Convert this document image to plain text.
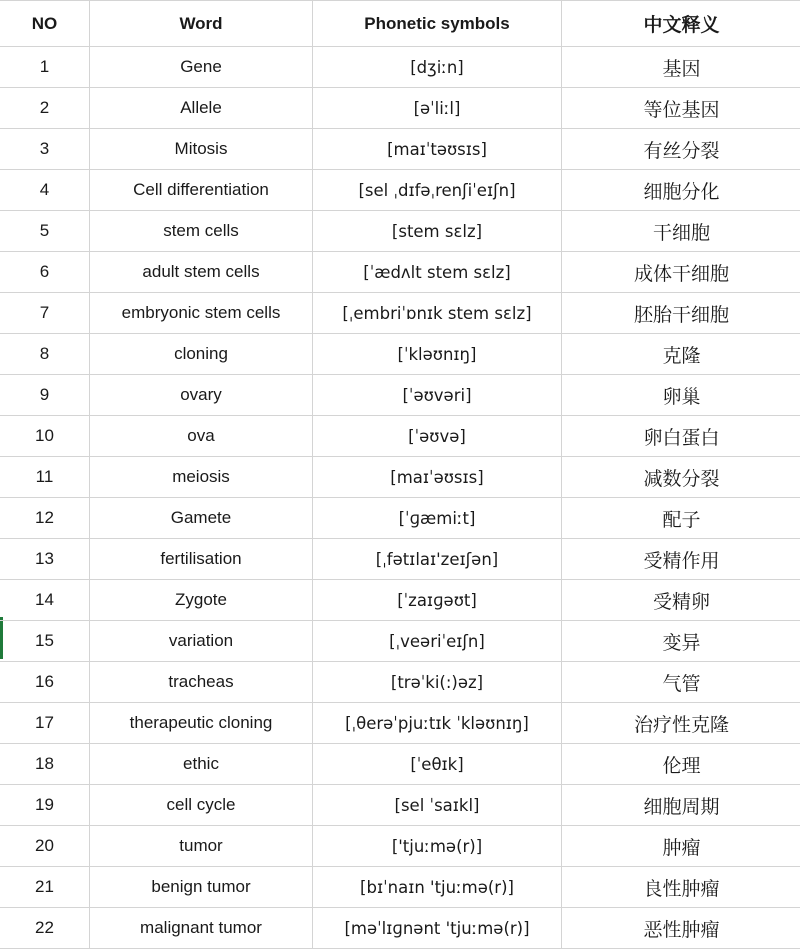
NO	Word	Phonetic symbols	中文释义
1	Gene	[dʒiːn]	基因
2	Allele	[əˈliːl]	等位基因
3	Mitosis	[maɪˈtəʊsɪs]	有丝分裂
4	Cell differentiation	[sel ˌdɪfəˌrenʃiˈeɪʃn]	细胞分化
5	stem cells	[stem sɛlz]	干细胞
6	adult stem cells	[ˈædʌlt stem sɛlz]	成体干细胞
7	embryonic stem cells	[ˌembriˈɒnɪk stem sɛlz]	胚胎干细胞
8	cloning	[ˈkləʊnɪŋ]	克隆
9	ovary	[ˈəʊvəri]	卵巢
10	ova	[ˈəʊvə]	卵白蛋白
11	meiosis	[maɪˈəʊsɪs]	减数分裂
12	Gamete	[ˈɡæmiːt]	配子
13	fertilisation	[ˌfətɪlaɪ'zeɪʃən]	受精作用
14	Zygote	[ˈzaɪɡəʊt]	受精卵
15	variation	[ˌveəriˈeɪʃn]	变异
16	tracheas	[trəˈki(:)əz]	气管
17	therapeutic cloning	[ˌθerəˈpjuːtɪk ˈkləʊnɪŋ]	治疗性克隆
18	ethic	[ˈeθɪk]	伦理
19	cell cycle	[sel ˈsaɪkl]	细胞周期
20	tumor	['tjuːmə(r)]	肿瘤
21	benign tumor	[bɪˈnaɪn 'tjuːmə(r)]	良性肿瘤
22	malignant tumor	[məˈlɪɡnənt 'tjuːmə(r)]	恶性肿瘤
